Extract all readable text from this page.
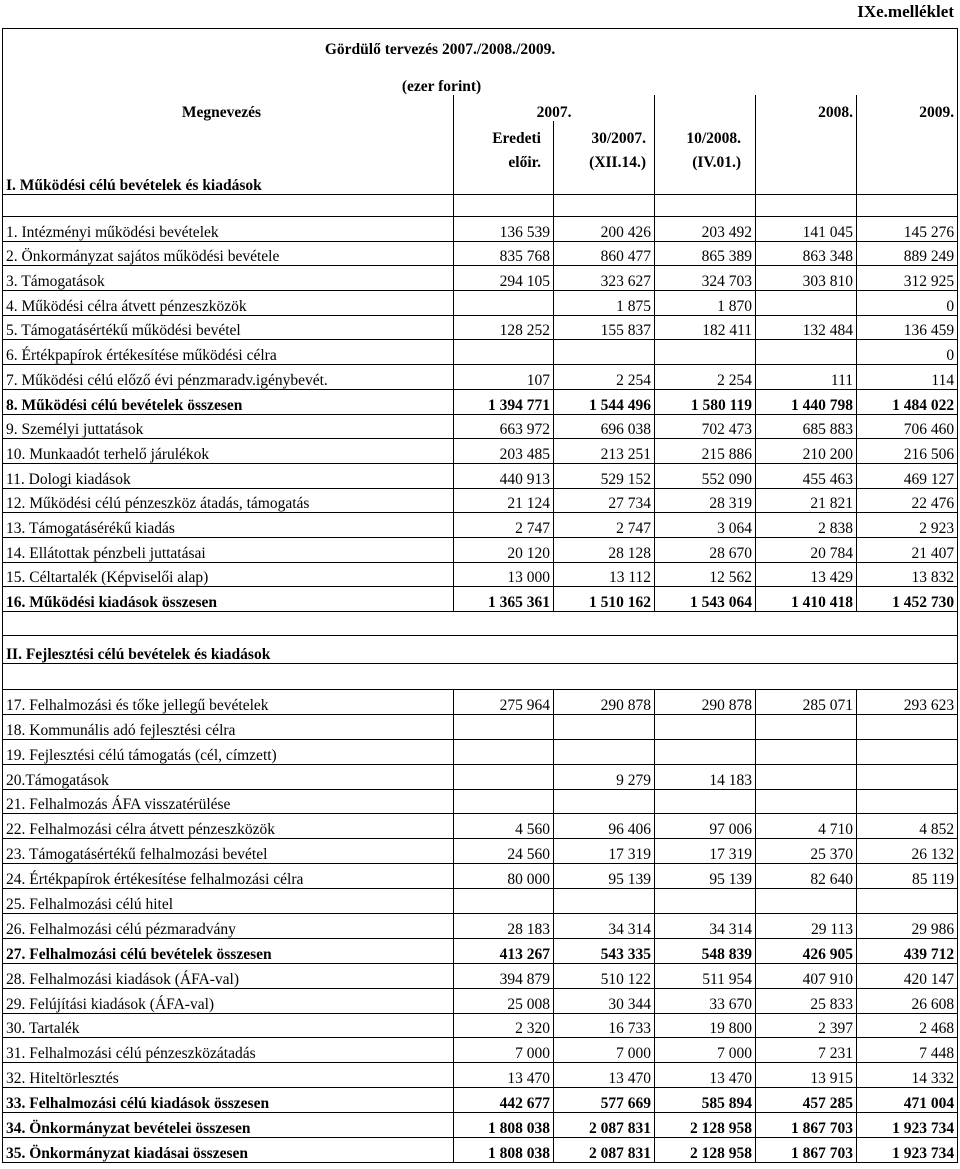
IXe.melléklet
Gördülő tervezés 2007./2008./2009.					
(ezer forint)					
Megnevezés	2007.			2008.	2009.
	Eredeti	30/2007.	10/2008.		
	előir.	(XII.14.)	(IV.01.)		
I. Működési célú bevételek és kiadások					

1. Intézményi működési bevételek	136 539	200 426	203 492	141 045	145 276
2. Önkormányzat sajátos működési bevétele	835 768	860 477	865 389	863 348	889 249
3. Támogatások	294 105	323 627	324 703	303 810	312 925
4. Működési célra átvett pénzeszközök		1 875	1 870		0
5. Támogatásértékű működési bevétel	128 252	155 837	182 411	132 484	136 459
6. Értékpapírok értékesítése működési célra					0
7. Működési célú előző évi pénzmaradv.igénybevét.	107	2 254	2 254	111	114
8. Működési célú bevételek összesen	1 394 771	1 544 496	1 580 119	1 440 798	1 484 022
9. Személyi juttatások	663 972	696 038	702 473	685 883	706 460
10. Munkaadót terhelő járulékok	203 485	213 251	215 886	210 200	216 506
11. Dologi kiadások	440 913	529 152	552 090	455 463	469 127
12. Működési célú pénzeszköz átadás, támogatás	21 124	27 734	28 319	21 821	22 476
13. Támogatásérékű kiadás	2 747	2 747	3 064	2 838	2 923
14. Ellátottak pénzbeli juttatásai	20 120	28 128	28 670	20 784	21 407
15. Céltartalék (Képviselői alap)	13 000	13 112	12 562	13 429	13 832
16. Működési kiadások összesen	1 365 361	1 510 162	1 543 064	1 410 418	1 452 730

II. Fejlesztési célú bevételek és kiadások					

17. Felhalmozási és tőke jellegű bevételek	275 964	290 878	290 878	285 071	293 623
18. Kommunális adó fejlesztési célra					
19. Fejlesztési célú támogatás (cél, címzett)					
20.Támogatások		9 279	14 183		
21. Felhalmozás ÁFA visszatérülése					
22. Felhalmozási célra átvett pénzeszközök	4 560	96 406	97 006	4 710	4 852
23. Támogatásértékű felhalmozási bevétel	24 560	17 319	17 319	25 370	26 132
24. Értékpapírok értékesítése felhalmozási célra	80 000	95 139	95 139	82 640	85 119
25. Felhalmozási célú hitel					
26. Felhalmozási célú pézmaradvány	28 183	34 314	34 314	29 113	29 986
27. Felhalmozási célú bevételek összesen	413 267	543 335	548 839	426 905	439 712
28. Felhalmozási kiadások (ÁFA-val)	394 879	510 122	511 954	407 910	420 147
29. Felújítási kiadások (ÁFA-val)	25 008	30 344	33 670	25 833	26 608
30. Tartalék	2 320	16 733	19 800	2 397	2 468
31. Felhalmozási célú pénzeszközátadás	7 000	7 000	7 000	7 231	7 448
32. Hiteltörlesztés	13 470	13 470	13 470	13 915	14 332
33. Felhalmozási célú kiadások összesen	442 677	577 669	585 894	457 285	471 004
34. Önkormányzat bevételei összesen	1 808 038	2 087 831	2 128 958	1 867 703	1 923 734
35. Önkormányzat kiadásai összesen	1 808 038	2 087 831	2 128 958	1 867 703	1 923 734
